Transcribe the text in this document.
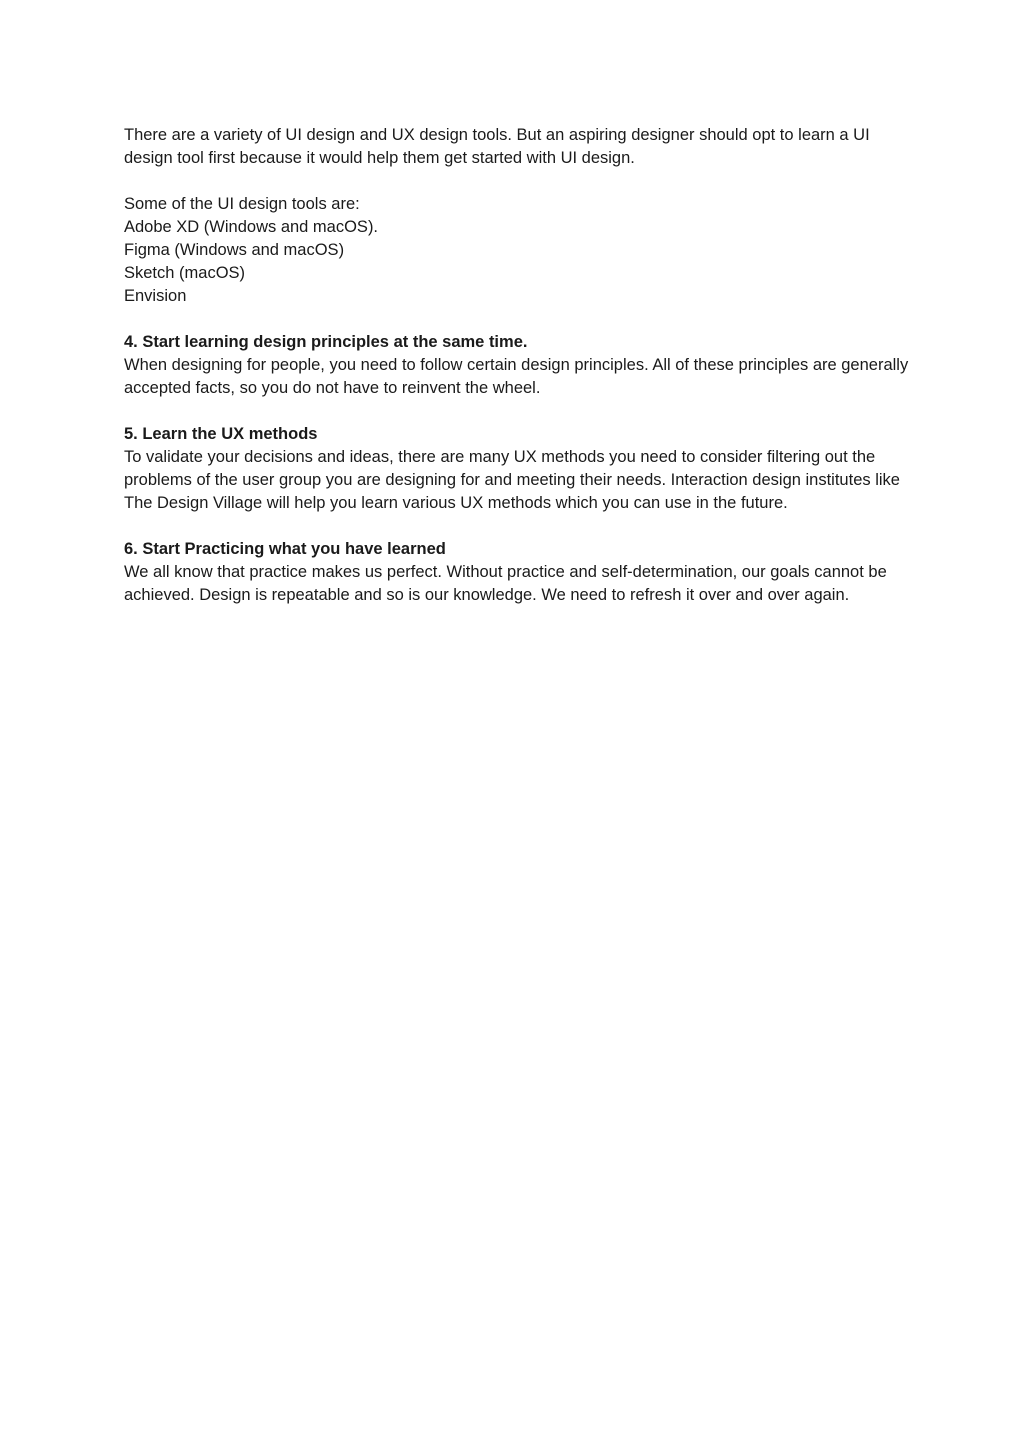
There are a variety of UI design and UX design tools. But an aspiring designer should opt to learn a UI design tool first because it would help them get started with UI design.

Some of the UI design tools are:
Adobe XD (Windows and macOS).
Figma (Windows and macOS)
Sketch (macOS)
Envision
4. Start learning design principles at the same time.
When designing for people, you need to follow certain design principles. All of these principles are generally accepted facts, so you do not have to reinvent the wheel.
5. Learn the UX methods
To validate your decisions and ideas, there are many UX methods you need to consider filtering out the problems of the user group you are designing for and meeting their needs. Interaction design institutes like The Design Village will help you learn various UX methods which you can use in the future.
6. Start Practicing what you have learned
We all know that practice makes us perfect. Without practice and self-determination, our goals cannot be achieved. Design is repeatable and so is our knowledge. We need to refresh it over and over again.
